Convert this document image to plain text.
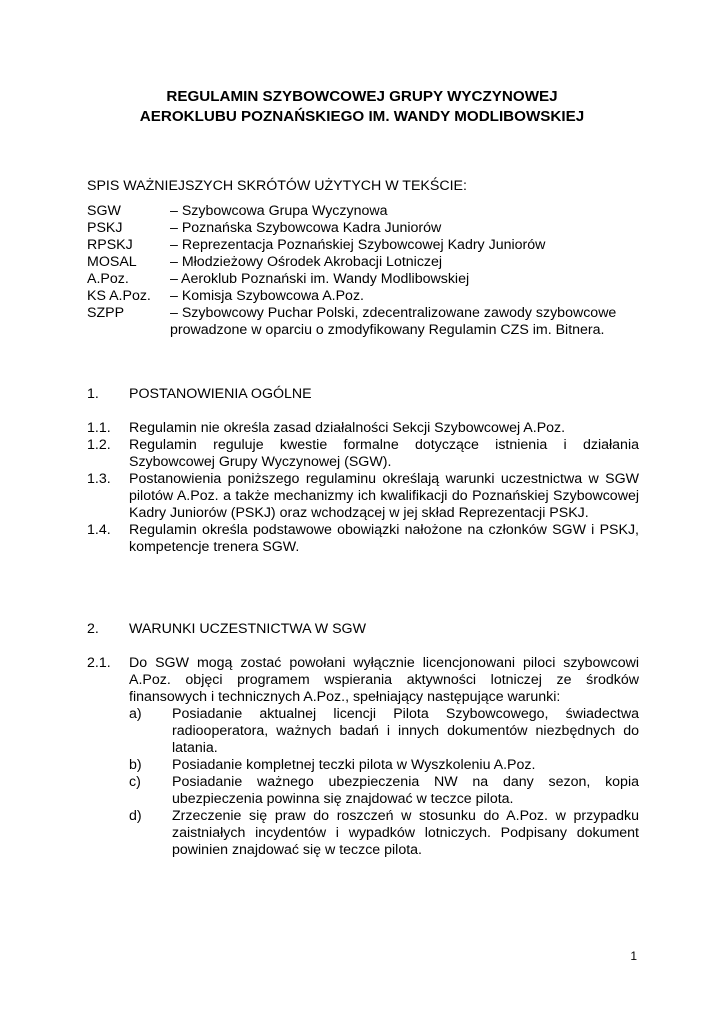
REGULAMIN SZYBOWCOWEJ GRUPY WYCZYNOWEJ
AEROKLUBU POZNAŃSKIEGO IM. WANDY MODLIBOWSKIEJ
SPIS WAŻNIEJSZYCH SKRÓTÓW UŻYTYCH W TEKŚCIE:
SGW	– Szybowcowa Grupa Wyczynowa
PSKJ	– Poznańska Szybowcowa Kadra Juniorów
RPSKJ	– Reprezentacja Poznańskiej Szybowcowej Kadry Juniorów
MOSAL	– Młodzieżowy Ośrodek Akrobacji Lotniczej
A.Poz.	– Aeroklub Poznański im. Wandy Modlibowskiej
KS A.Poz.	– Komisja Szybowcowa A.Poz.
SZPP	– Szybowcowy Puchar Polski, zdecentralizowane zawody szybowcowe prowadzone w oparciu o zmodyfikowany Regulamin CZS im. Bitnera.
1. POSTANOWIENIA OGÓLNE
1.1.	Regulamin nie określa zasad działalności Sekcji Szybowcowej A.Poz.
1.2.	Regulamin reguluje kwestie formalne dotyczące istnienia i działania Szybowcowej Grupy Wyczynowej (SGW).
1.3.	Postanowienia poniższego regulaminu określają warunki uczestnictwa w SGW pilotów A.Poz. a także mechanizmy ich kwalifikacji do Poznańskiej Szybowcowej Kadry Juniorów (PSKJ) oraz wchodzącej w jej skład Reprezentacji PSKJ.
1.4.	Regulamin określa podstawowe obowiązki nałożone na członków SGW i PSKJ, kompetencje trenera SGW.
2. WARUNKI UCZESTNICTWA W SGW
2.1.	Do SGW mogą zostać powołani wyłącznie licencjonowani piloci szybowcowi A.Poz. objęci programem wspierania aktywności lotniczej ze środków finansowych i technicznych A.Poz., spełniający następujące warunki:
a)	Posiadanie aktualnej licencji Pilota Szybowcowego, świadectwa radiooperatora, ważnych badań i innych dokumentów niezbędnych do latania.
b)	Posiadanie kompletnej teczki pilota w Wyszkoleniu A.Poz.
c)	Posiadanie ważnego ubezpieczenia NW na dany sezon, kopia ubezpieczenia powinna się znajdować w teczce pilota.
d)	Zrzeczenie się praw do roszczeń w stosunku do A.Poz. w przypadku zaistniałych incydentów i wypadków lotniczych. Podpisany dokument powinien znajdować się w teczce pilota.
1
